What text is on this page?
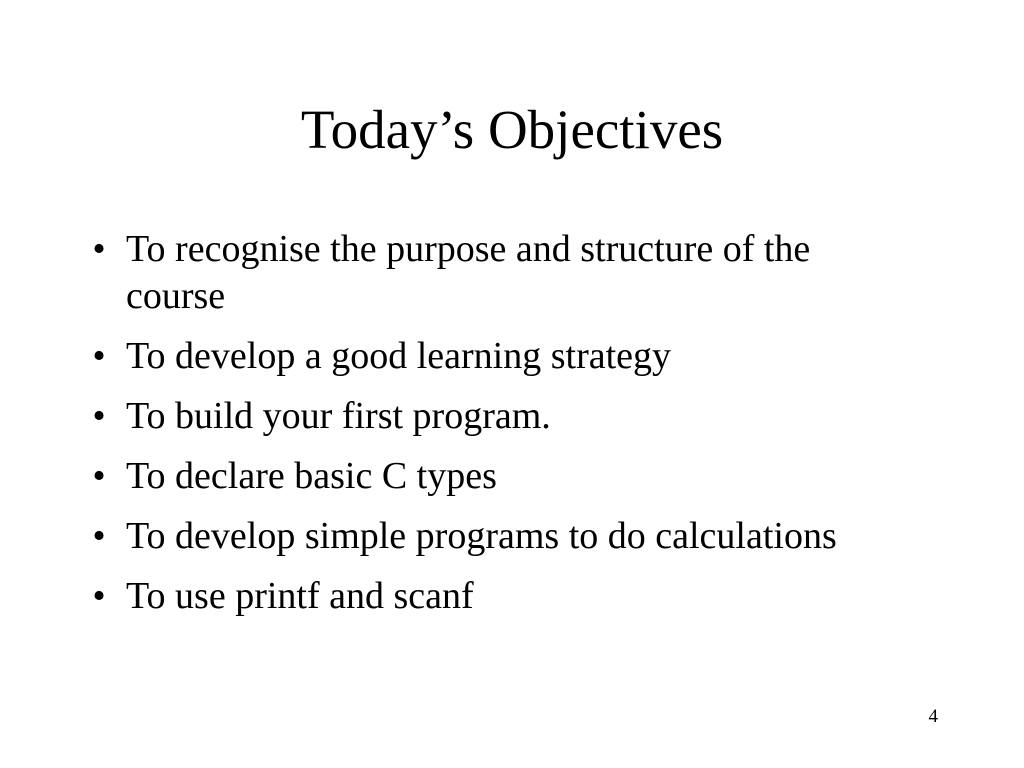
Today’s Objectives
• To recognise the purpose and structure of the course
• To develop a good learning strategy
• To build your first program.
• To declare basic C types
• To develop simple programs to do calculations
• To use printf and scanf
4
